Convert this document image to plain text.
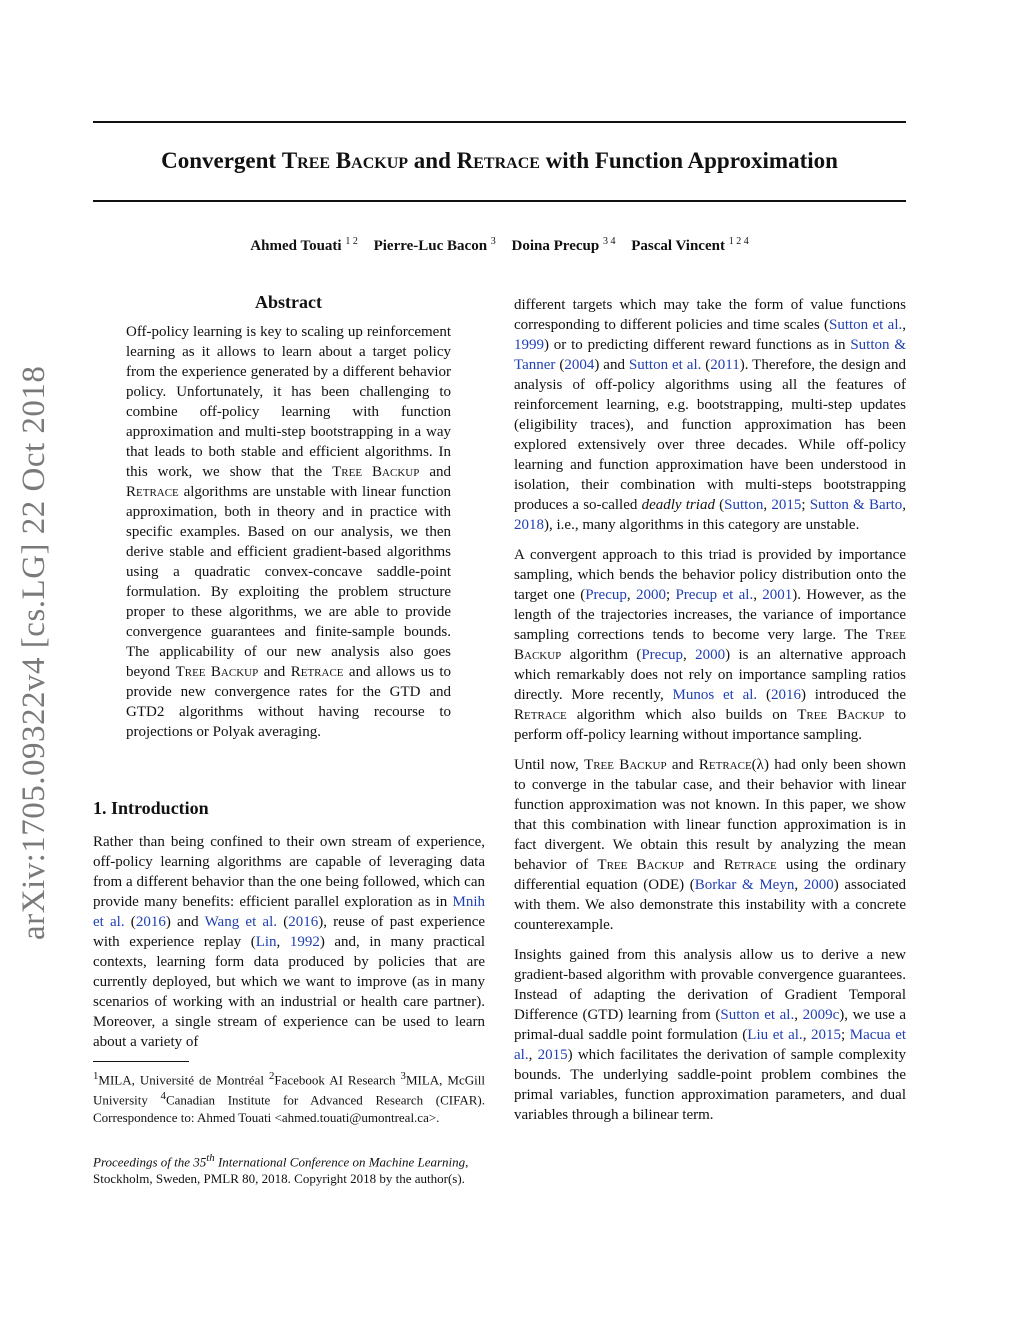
arXiv:1705.09322v4 [cs.LG] 22 Oct 2018
Convergent Tree Backup and Retrace with Function Approximation
Ahmed Touati $^{1 2}$ Pierre-Luc Bacon $^3$ Doina Precup $^{3 4}$ Pascal Vincent $^{1 2 4}$
Abstract

Off-policy learning is key to scaling up reinforcement learning as it allows to learn about a target policy from the experience generated by a different behavior policy. Unfortunately, it has been challenging to combine off-policy learning with function approximation and multi-step bootstrapping in a way that leads to both stable and efficient algorithms. In this work, we show that the Tree Backup and Retrace algorithms are unstable with linear function approximation, both in theory and in practice with specific examples. Based on our analysis, we then derive stable and efficient gradient-based algorithms using a quadratic convex-concave saddle-point formulation. By exploiting the problem structure proper to these algorithms, we are able to provide convergence guarantees and finite-sample bounds. The applicability of our new analysis also goes beyond Tree Backup and Retrace and allows us to provide new convergence rates for the GTD and GTD2 algorithms without having recourse to projections or Polyak averaging.

1. Introduction

Rather than being confined to their own stream of experience, off-policy learning algorithms are capable of leveraging data from a different behavior than the one being followed, which can provide many benefits: efficient parallel exploration as in Mnih et al. (2016) and Wang et al. (2016), reuse of past experience with experience replay (Lin, 1992) and, in many practical contexts, learning form data produced by policies that are currently deployed, but which we want to improve (as in many scenarios of working with an industrial or health care partner). Moreover, a single stream of experience can be used to learn about a variety of

$^1$MILA, Université de Montréal $^2$Facebook AI Research $^3$MILA, McGill University $^4$Canadian Institute for Advanced Research (CIFAR). Correspondence to: Ahmed Touati <ahmed.touati@umontreal.ca>.

Proceedings of the 35th International Conference on Machine Learning, Stockholm, Sweden, PMLR 80, 2018. Copyright 2018 by the author(s).

different targets which may take the form of value functions corresponding to different policies and time scales (Sutton et al., 1999) or to predicting different reward functions as in Sutton & Tanner (2004) and Sutton et al. (2011). Therefore, the design and analysis of off-policy algorithms using all the features of reinforcement learning, e.g. bootstrapping, multi-step updates (eligibility traces), and function approximation has been explored extensively over three decades. While off-policy learning and function approximation have been understood in isolation, their combination with multi-steps bootstrapping produces a so-called deadly triad (Sutton, 2015; Sutton & Barto, 2018), i.e., many algorithms in this category are unstable.

A convergent approach to this triad is provided by importance sampling, which bends the behavior policy distribution onto the target one (Precup, 2000; Precup et al., 2001). However, as the length of the trajectories increases, the variance of importance sampling corrections tends to become very large. The Tree Backup algorithm (Precup, 2000) is an alternative approach which remarkably does not rely on importance sampling ratios directly. More recently, Munos et al. (2016) introduced the Retrace algorithm which also builds on Tree Backup to perform off-policy learning without importance sampling.

Until now, Tree Backup and Retrace(λ) had only been shown to converge in the tabular case, and their behavior with linear function approximation was not known. In this paper, we show that this combination with linear function approximation is in fact divergent. We obtain this result by analyzing the mean behavior of Tree Backup and Retrace using the ordinary differential equation (ODE) (Borkar & Meyn, 2000) associated with them. We also demonstrate this instability with a concrete counterexample.

Insights gained from this analysis allow us to derive a new gradient-based algorithm with provable convergence guarantees. Instead of adapting the derivation of Gradient Temporal Difference (GTD) learning from (Sutton et al., 2009c), we use a primal-dual saddle point formulation (Liu et al., 2015; Macua et al., 2015) which facilitates the derivation of sample complexity bounds. The underlying saddle-point problem combines the primal variables, function approximation parameters, and dual variables through a bilinear term.
